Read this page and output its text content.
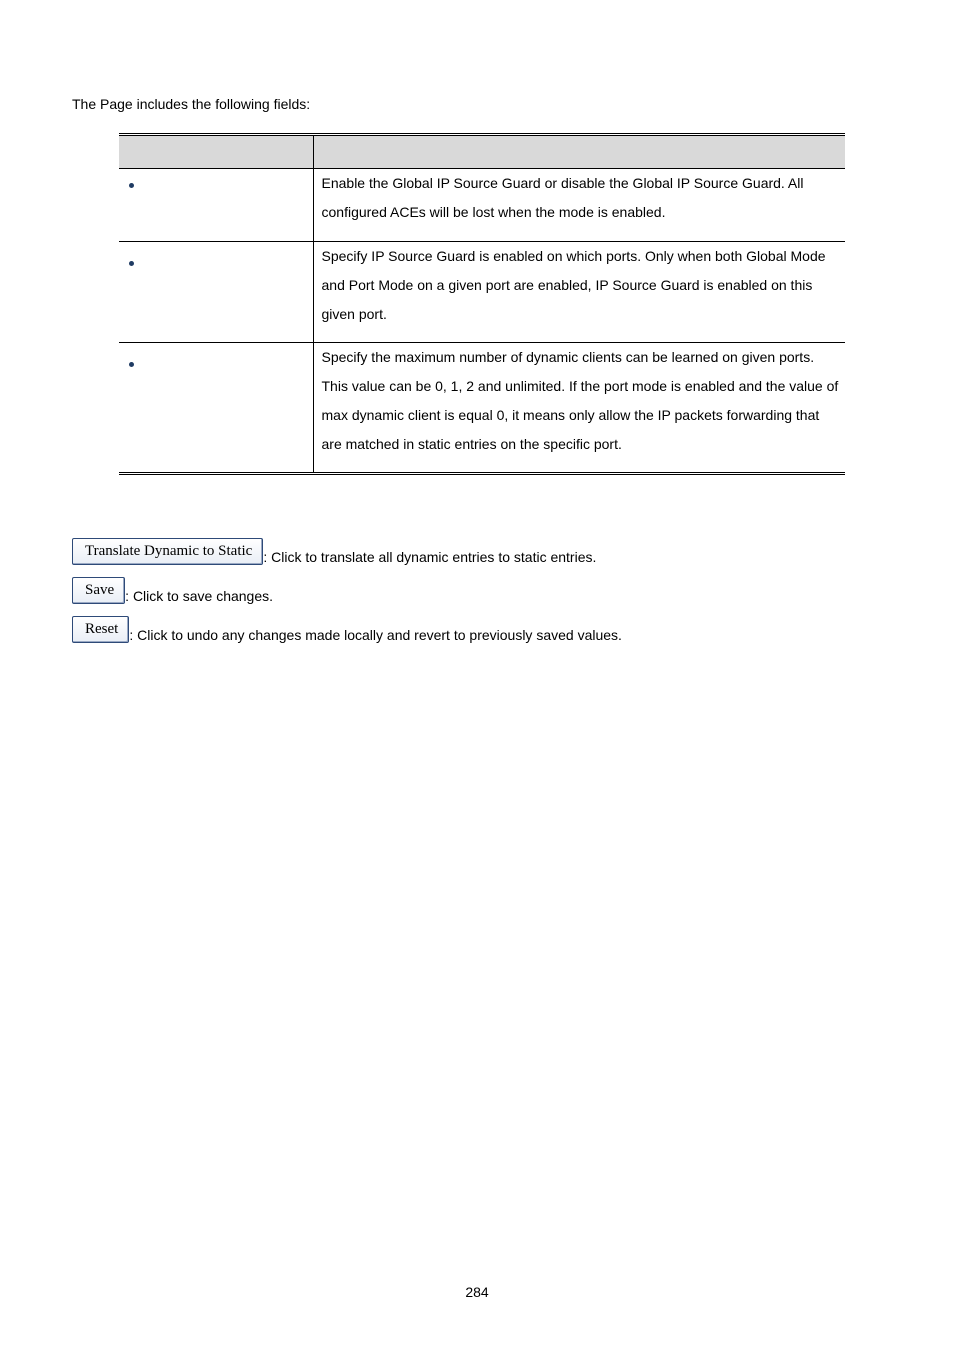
The Page includes the following fields:

	Enable the Global IP Source Guard or disable the Global IP Source Guard. All configured ACEs will be lost when the mode is enabled.

	Specify IP Source Guard is enabled on which ports. Only when both Global Mode and Port Mode on a given port are enabled, IP Source Guard is enabled on this given port.

	Specify the maximum number of dynamic clients can be learned on given ports. This value can be 0, 1, 2 and unlimited. If the port mode is enabled and the value of max dynamic client is equal 0, it means only allow the IP packets forwarding that are matched in static entries on the specific port.
Translate Dynamic to Static : Click to translate all dynamic entries to static entries.
Save : Click to save changes.
Reset : Click to undo any changes made locally and revert to previously saved values.
284
